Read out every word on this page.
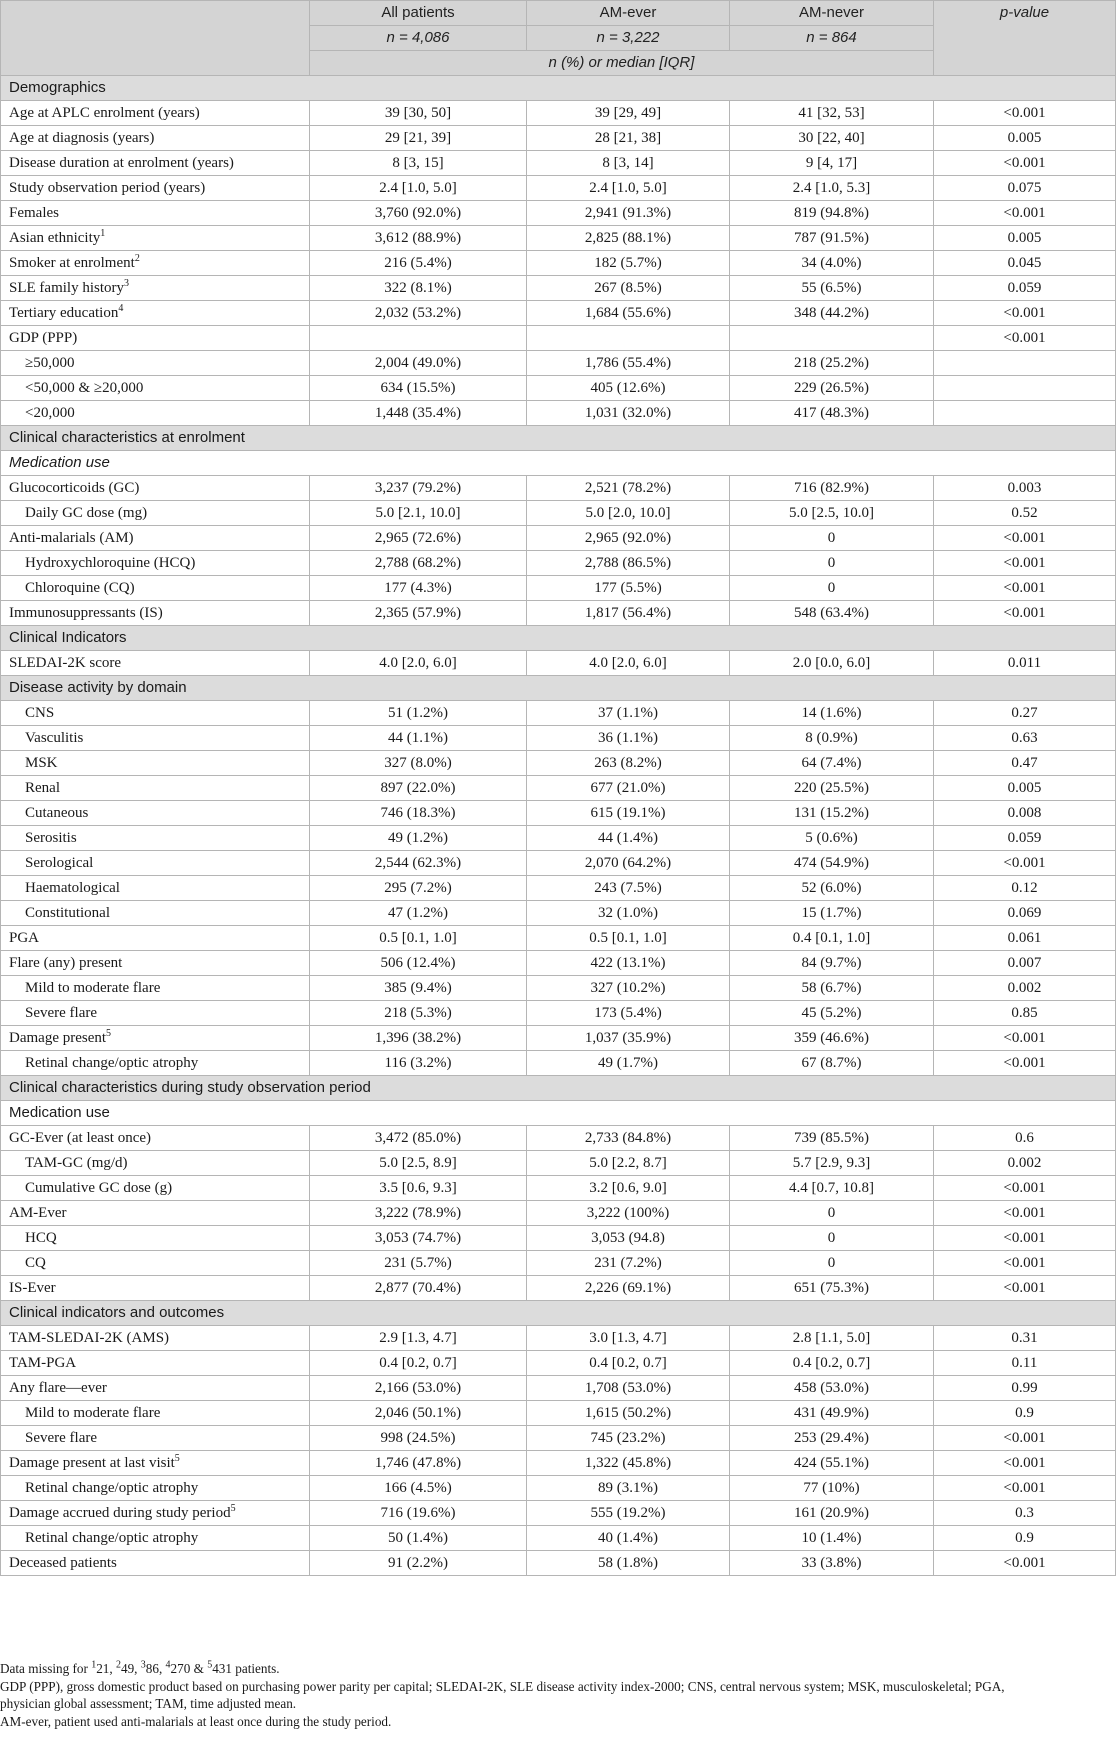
	All patients	AM-ever	AM-never	p-value
	n = 4,086	n = 3,222	n = 864	
	n (%) or median [IQR]			
Demographics				
Age at APLC enrolment (years)	39 [30, 50]	39 [29, 49]	41 [32, 53]	<0.001
Age at diagnosis (years)	29 [21, 39]	28 [21, 38]	30 [22, 40]	0.005
Disease duration at enrolment (years)	8 [3, 15]	8 [3, 14]	9 [4, 17]	<0.001
Study observation period (years)	2.4 [1.0, 5.0]	2.4 [1.0, 5.0]	2.4 [1.0, 5.3]	0.075
Females	3,760 (92.0%)	2,941 (91.3%)	819 (94.8%)	<0.001
Asian ethnicity$^1$	3,612 (88.9%)	2,825 (88.1%)	787 (91.5%)	0.005
Smoker at enrolment$^2$	216 (5.4%)	182 (5.7%)	34 (4.0%)	0.045
SLE family history$^3$	322 (8.1%)	267 (8.5%)	55 (6.5%)	0.059
Tertiary education$^4$	2,032 (53.2%)	1,684 (55.6%)	348 (44.2%)	<0.001
GDP (PPP)				<0.001
≥50,000	2,004 (49.0%)	1,786 (55.4%)	218 (25.2%)	
<50,000 & ≥20,000	634 (15.5%)	405 (12.6%)	229 (26.5%)	
<20,000	1,448 (35.4%)	1,031 (32.0%)	417 (48.3%)	
Clinical characteristics at enrolment				
Medication use				
Glucocorticoids (GC)	3,237 (79.2%)	2,521 (78.2%)	716 (82.9%)	0.003
Daily GC dose (mg)	5.0 [2.1, 10.0]	5.0 [2.0, 10.0]	5.0 [2.5, 10.0]	0.52
Anti-malarials (AM)	2,965 (72.6%)	2,965 (92.0%)	0	<0.001
Hydroxychloroquine (HCQ)	2,788 (68.2%)	2,788 (86.5%)	0	<0.001
Chloroquine (CQ)	177 (4.3%)	177 (5.5%)	0	<0.001
Immunosuppressants (IS)	2,365 (57.9%)	1,817 (56.4%)	548 (63.4%)	<0.001
Clinical Indicators				
SLEDAI-2K score	4.0 [2.0, 6.0]	4.0 [2.0, 6.0]	2.0 [0.0, 6.0]	0.011
Disease activity by domain				
CNS	51 (1.2%)	37 (1.1%)	14 (1.6%)	0.27
Vasculitis	44 (1.1%)	36 (1.1%)	8 (0.9%)	0.63
MSK	327 (8.0%)	263 (8.2%)	64 (7.4%)	0.47
Renal	897 (22.0%)	677 (21.0%)	220 (25.5%)	0.005
Cutaneous	746 (18.3%)	615 (19.1%)	131 (15.2%)	0.008
Serositis	49 (1.2%)	44 (1.4%)	5 (0.6%)	0.059
Serological	2,544 (62.3%)	2,070 (64.2%)	474 (54.9%)	<0.001
Haematological	295 (7.2%)	243 (7.5%)	52 (6.0%)	0.12
Constitutional	47 (1.2%)	32 (1.0%)	15 (1.7%)	0.069
PGA	0.5 [0.1, 1.0]	0.5 [0.1, 1.0]	0.4 [0.1, 1.0]	0.061
Flare (any) present	506 (12.4%)	422 (13.1%)	84 (9.7%)	0.007
Mild to moderate flare	385 (9.4%)	327 (10.2%)	58 (6.7%)	0.002
Severe flare	218 (5.3%)	173 (5.4%)	45 (5.2%)	0.85
Damage present$^5$	1,396 (38.2%)	1,037 (35.9%)	359 (46.6%)	<0.001
Retinal change/optic atrophy	116 (3.2%)	49 (1.7%)	67 (8.7%)	<0.001
Clinical characteristics during study observation period				
Medication use				
GC-Ever (at least once)	3,472 (85.0%)	2,733 (84.8%)	739 (85.5%)	0.6
TAM-GC (mg/d)	5.0 [2.5, 8.9]	5.0 [2.2, 8.7]	5.7 [2.9, 9.3]	0.002
Cumulative GC dose (g)	3.5 [0.6, 9.3]	3.2 [0.6, 9.0]	4.4 [0.7, 10.8]	<0.001
AM-Ever	3,222 (78.9%)	3,222 (100%)	0	<0.001
HCQ	3,053 (74.7%)	3,053 (94.8)	0	<0.001
CQ	231 (5.7%)	231 (7.2%)	0	<0.001
IS-Ever	2,877 (70.4%)	2,226 (69.1%)	651 (75.3%)	<0.001
Clinical indicators and outcomes				
TAM-SLEDAI-2K (AMS)	2.9 [1.3, 4.7]	3.0 [1.3, 4.7]	2.8 [1.1, 5.0]	0.31
TAM-PGA	0.4 [0.2, 0.7]	0.4 [0.2, 0.7]	0.4 [0.2, 0.7]	0.11
Any flare—ever	2,166 (53.0%)	1,708 (53.0%)	458 (53.0%)	0.99
Mild to moderate flare	2,046 (50.1%)	1,615 (50.2%)	431 (49.9%)	0.9
Severe flare	998 (24.5%)	745 (23.2%)	253 (29.4%)	<0.001
Damage present at last visit$^5$	1,746 (47.8%)	1,322 (45.8%)	424 (55.1%)	<0.001
Retinal change/optic atrophy	166 (4.5%)	89 (3.1%)	77 (10%)	<0.001
Damage accrued during study period$^5$	716 (19.6%)	555 (19.2%)	161 (20.9%)	0.3
Retinal change/optic atrophy	50 (1.4%)	40 (1.4%)	10 (1.4%)	0.9
Deceased patients	91 (2.2%)	58 (1.8%)	33 (3.8%)	<0.001
Data missing for $^1$21, $^2$49, $^3$86, $^4$270 & $^5$431 patients.
GDP (PPP), gross domestic product based on purchasing power parity per capital; SLEDAI-2K, SLE disease activity index-2000; CNS, central nervous system; MSK, musculoskeletal; PGA,
physician global assessment; TAM, time adjusted mean.
AM-ever, patient used anti-malarials at least once during the study period.
